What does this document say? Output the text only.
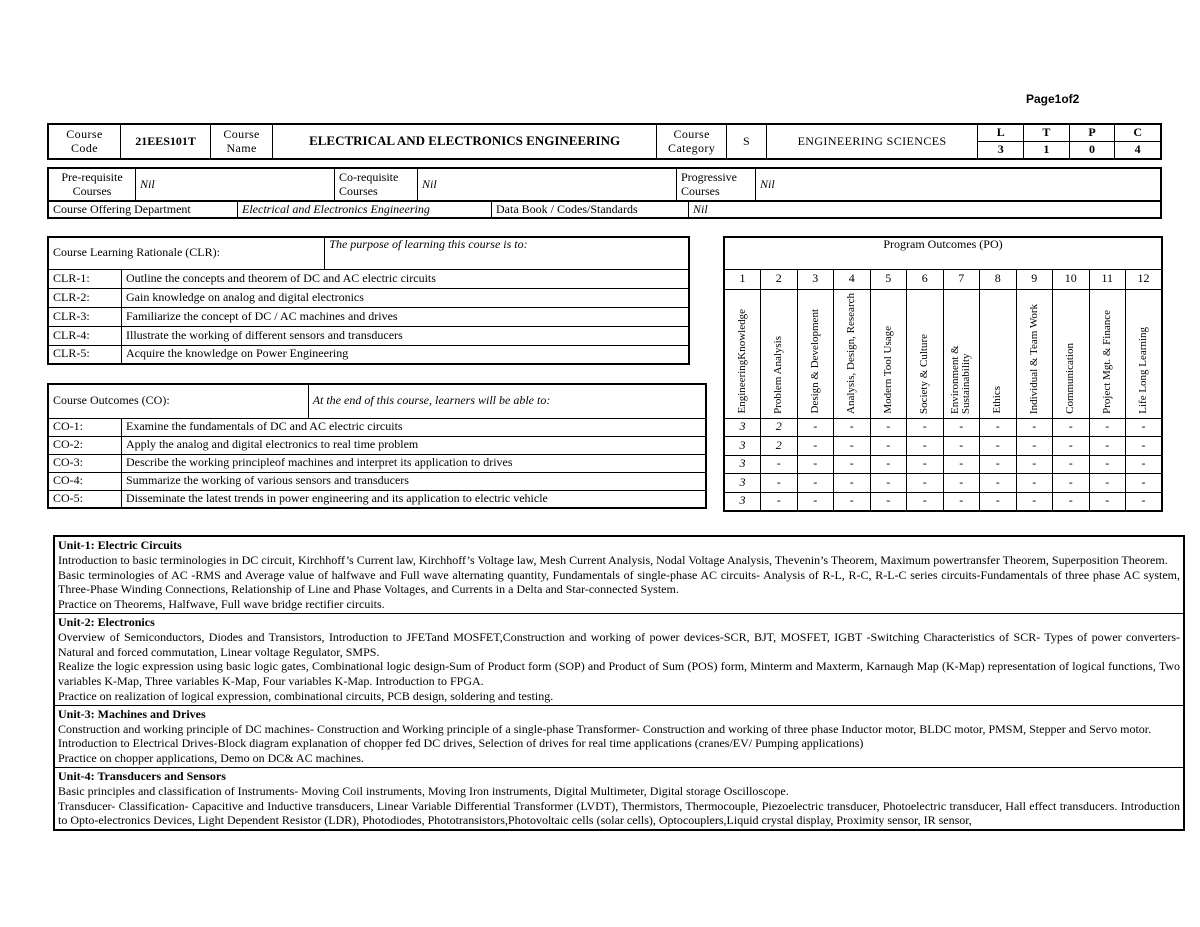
Page1of2
Course Code	21EES101T	Course Name	ELECTRICAL AND ELECTRONICS ENGINEERING	Course Category	S	ENGINEERING SCIENCES	L	T	P	C
							3	1	0	4
Pre-requisite Courses	Nil	Co-requisite Courses	Nil	Progressive Courses	Nil
Course Offering Department	Electrical and Electronics Engineering	Data Book / Codes/Standards	Nil
Course Learning Rationale (CLR):		The purpose of learning this course is to:
CLR-1:	Outline the concepts and theorem of DC and AC electric circuits	
CLR-2:	Gain knowledge on analog and digital electronics	
CLR-3:	Familiarize the concept of DC / AC machines and drives	
CLR-4:	Illustrate the working of different sensors and transducers	
CLR-5:	Acquire the knowledge on Power Engineering	
Course Outcomes (CO):		At the end of this course, learners will be able to:
CO-1:	Examine the fundamentals of DC and AC electric circuits	
CO-2:	Apply the analog and digital electronics to real time problem	
CO-3:	Describe the working principleof machines and interpret its application to drives	
CO-4:	Summarize the working of various sensors and transducers	
CO-5:	Disseminate the latest trends in power engineering and its application to electric vehicle	
Program Outcomes (PO)											
1	2	3	4	5	6	7	8	9	10	11	12
EngineeringKnowledge	Problem Analysis	Design & Development	Analysis, Design, Research	Modern Tool Usage	Society & Culture	Environment & Sustainability	Ethics	Individual & Team Work	Communication	Project Mgt. & Finance	Life Long Learning
3	2	-	-	-	-	-	-	-	-	-	-
3	2	-	-	-	-	-	-	-	-	-	-
3	-	-	-	-	-	-	-	-	-	-	-
3	-	-	-	-	-	-	-	-	-	-	-
3	-	-	-	-	-	-	-	-	-	-	-

Unit-1: Electric Circuits

Introduction to basic terminologies in DC circuit, Kirchhoff’s Current law, Kirchhoff’s Voltage law, Mesh Current Analysis, Nodal Voltage Analysis, Thevenin’s Theorem, Maximum powertransfer Theorem, Superposition Theorem.

Basic terminologies of AC -RMS and Average value of halfwave and Full wave alternating quantity, Fundamentals of single-phase AC circuits- Analysis of R-L, R-C, R-L-C series circuits-Fundamentals of three phase AC system, Three-Phase Winding Connections, Relationship of Line and Phase Voltages, and Currents in a Delta and Star-connected System.

Practice on Theorems, Halfwave, Full wave bridge rectifier circuits.

Unit-2: Electronics

Overview of Semiconductors, Diodes and Transistors, Introduction to JFETand MOSFET,Construction and working of power devices-SCR, BJT, MOSFET, IGBT -Switching Characteristics of SCR- Types of power converters- Natural and forced commutation, Linear voltage Regulator, SMPS.

Realize the logic expression using basic logic gates, Combinational logic design-Sum of Product form (SOP) and Product of Sum (POS) form, Minterm and Maxterm, Karnaugh Map (K-Map) representation of logical functions, Two variables K-Map, Three variables K-Map, Four variables K-Map. Introduction to FPGA.

Practice on realization of logical expression, combinational circuits, PCB design, soldering and testing.

Unit-3: Machines and Drives

Construction and working principle of DC machines- Construction and Working principle of a single-phase Transformer- Construction and working of three phase Inductor motor, BLDC motor, PMSM, Stepper and Servo motor.

Introduction to Electrical Drives-Block diagram explanation of chopper fed DC drives, Selection of drives for real time applications (cranes/EV/ Pumping applications)

Practice on chopper applications, Demo on DC& AC machines.

Unit-4: Transducers and Sensors

Basic principles and classification of Instruments- Moving Coil instruments, Moving Iron instruments, Digital Multimeter, Digital storage Oscilloscope.

Transducer- Classification- Capacitive and Inductive transducers, Linear Variable Differential Transformer (LVDT), Thermistors, Thermocouple, Piezoelectric transducer, Photoelectric transducer, Hall effect transducers. Introduction to Opto-electronics Devices, Light Dependent Resistor (LDR), Photodiodes, Phototransistors,Photovoltaic cells (solar cells), Optocouplers,Liquid crystal display, Proximity sensor, IR sensor,
